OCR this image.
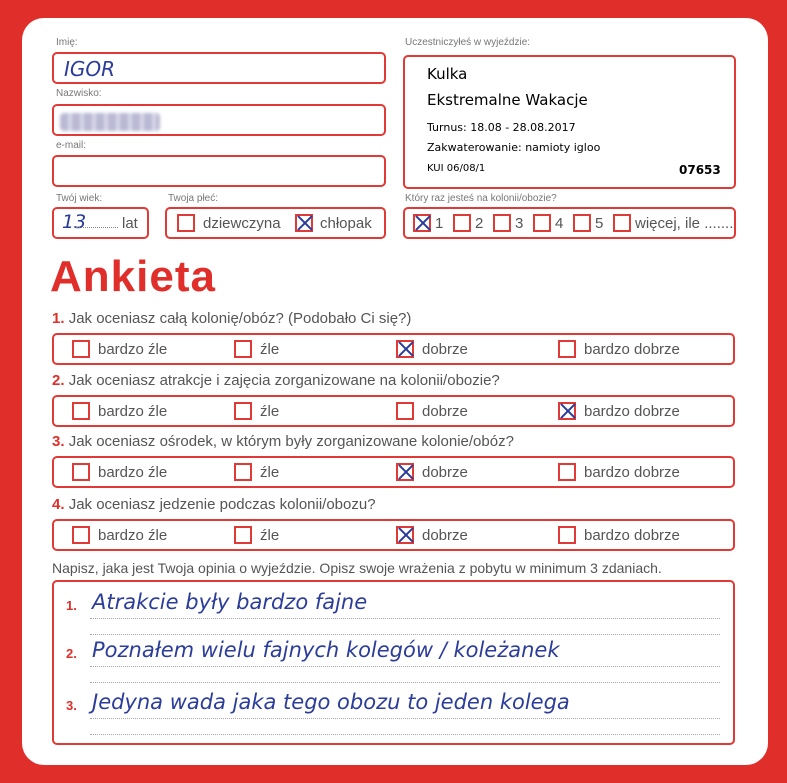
Imię:
IGOR
Nazwisko:
e-mail:
Twój wiek:
13 lat
Twoja płeć:
dziewczyna	chłopak
Uczestniczyłeś w wyjeździe:
Kulka
Ekstremalne Wakacje
Turnus: 18.08 - 28.08.2017
Zakwaterowanie: namioty igloo
KUI 06/08/1	07653
Który raz jesteś na kolonii/obozie?
1 2 3 4 5 więcej, ile .......
Ankieta
1. Jak oceniasz całą kolonię/obóz? (Podobało Ci się?)
bardzo źle	źle	dobrze	bardzo dobrze
2. Jak oceniasz atrakcje i zajęcia zorganizowane na kolonii/obozie?
bardzo źle	źle	dobrze	bardzo dobrze
3. Jak oceniasz ośrodek, w którym były zorganizowane kolonie/obóz?
bardzo źle	źle	dobrze	bardzo dobrze
4. Jak oceniasz jedzenie podczas kolonii/obozu?
bardzo źle	źle	dobrze	bardzo dobrze
Napisz, jaka jest Twoja opinia o wyjeździe. Opisz swoje wrażenia z pobytu w minimum 3 zdaniach.
1. Atrakcie były bardzo fajne
2. Poznałem wielu fajnych kolegów / koleżanek
3. Jedyna wada jaka tego obozu to jeden kolega
